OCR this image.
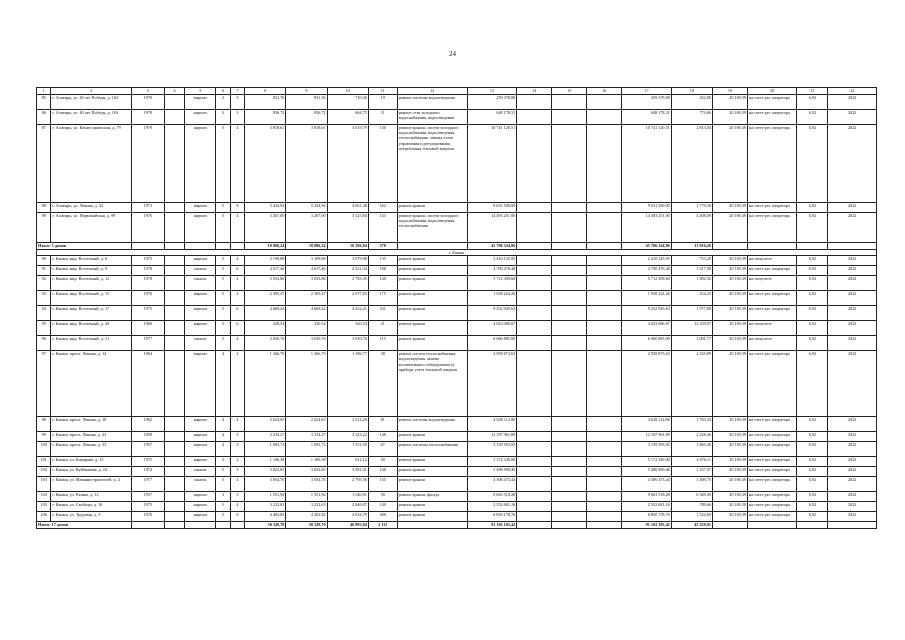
24
1	2	3	4	5	6	7	8	9	10	11	12	13	14	15	16	17	18	19	20	21	22
85	г. Алатырь, ул. 40 лет Победы, д. 102	1970		кирпич	2	3	831,76	831,36	710,36	19	ремонт системы водоотведения	259 378,88				259 378,88	432,80	20 169,39	на счете рег. оператора	6,92	2022
86	г. Алатырь, ул. 40 лет Победы, д. 104	1979		кирпич	2	3	836,72	836,72	664,75	11	ремонт сети холодного водоснабжения, водоотведения	648 178,31				648 178,31	774,66	20 169,39	на счете рег. оператора	6,92	2022
87	г. Алатырь, ул. Комиссариатская, д. 79	1979		кирпич	5	4	3 818,61	3 818,61	3 619,79	130	ремонт крыши, систем холодного водоснабжения, водоотведения, теплоснабжения, замена узлов управления и регулирования потребления тепловой энергии	10 741 120,51				10 741 120,51	2 813,04	20 169,39	на счете рег. оператора	6,92	2022
88	г. Алатырь, ул. Ленина, д. 42	1973		кирпич	5	8	5 434,94	5 434,94	4 661,48	162	ремонт крыши	9 631 500,00				9 631 500,00	1 770,30	20 169,39	на счете рег. оператора	6,92	2022
89	г. Алатырь, ул. Первомайская, д. 99	1976		кирпич	5	4	3 267,00	3 267,00	3 125,84	133	ремонт крыши, систем холодного водоснабжения, водоотведения, теплоснабжения	14 493 251,00				14 493 251,00	4 408,09	20 169,39	на счете рег. оператора	6,92	2022
Итого: 5 домов							18 086,24	18 086,24	16 396,84	578		45 706 344,86				45 706 344,86	13 916,26				
г. Канаш																					
90	г. Канаш, мкр. Восточный, д. 6	1975		кирпич	5	4	3 199,88	3 199,88	3 079,98	135	ремонт крыши	2 410 145,95				2 410 145,95	753,20	20 169,39	на спецсчете	6,92	2022
91	г. Канаш, мкр. Восточный, д. 9	1978		панель	5	6	4 617,46	4 617,46	4 231,34	188	ремонт крыши	4 700 476,48				4 700 476,48	1 017,98	20 169,39	на счете рег. оператора	6,92	2022
92	г. Канаш, мкр. Восточный, д. 12	1978		панель	5	4	3 033,86	3 033,86	2 783,39	140	ремонт крыши	5 712 309,60				5 712 309,60	1 882,92	20 169,39	на спецсчете	6,92	2022
93	г. Канаш, мкр. Восточный, д. 15	1976		кирпич	5	4	2 395,47	2 395,47	2 077,83	175	ремонт крыши	1 938 224,26				1 938 224,26	254,25	20 169,39	на счете рег. оператора	6,92	2022
94	г. Канаш, мкр. Восточный, д. 17	1975		кирпич	5	6	4 669,24	4 669,24	4 432,21	231	ремонт крыши	9 252 945,63				9 252 945,63	1 977,80	20 169,39	на счете рег. оператора	6,92	2022
95	г. Канаш, мкр. Восточный, д. 20	1960		кирпич	5	6	320,54	320,54	320,54	21	ремонт крыши	4 023 086,87				4 023 086,87	12 550,97	20 169,39	на спецсчете	6,92	2022
96	г. Канаш, мкр. Восточный, д. 21	1977		панель	5	4	3 030,76	3 030,76	3 030,76	115	ремонт крыши	6 066 885,00				6 066 885,00	2 001,77	20 169,39	на спецсчете	6,92	2022
97	г. Канаш, просп. Ленина, д. 14	1964		кирпич	4	2	1 266,70	1 266,70	1 186,77	38	ремонт систем теплоснабжения, водоотведения, замена коллективного (общедомового) прибора учета тепловой энергии	2 958 873,63				2 958 873,63	2 335,89	20 169,39	на счете рег. оператора	6,92	2022
98	г. Канаш, просп. Ленина, д. 18	1962		кирпич	4	4	2 624,65	2 624,65	2 514,29	81	ремонт системы водоотведения	4 628 112,86				4 628 112,86	1 763,33	20 169,39	на счете рег. оператора	6,92	2022
99	г. Канаш, просп. Ленина, д. 23	1958		кирпич	4	3	3 234,27	3 234,27	3 143,22	148	ремонт крыши	12 187 961,89				12 187 961,89	2 228,46	20 169,39	на счете рег. оператора	6,92	2022
100	г. Канаш, просп. Ленина, д. 33	1957		кирпич	4	3	1 693,73	1 693,73	1 551,05	67	ремонт системы теплоснабжения	3 159 593,95				3 159 593,95	1 865,46	20 169,39	на счете рег. оператора	6,92	2022
101	г. Канаш, ул. Комарова, д. 15	1975		кирпич	3	2	1 106,38	1 106,38	912,12	50	ремонт крыши	5 172 349,00				5 172 349,00	4 676,11	20 169,39	на счете рег. оператора	6,92	2022
102	г. Канаш, ул. Куйбышева, д. 24	1974		панель	5	3	3 822,85	3 822,85	3 581,01	148	ремонт крыши	5 496 900,46				5 496 900,46	1 437,97	20 169,39	на счете рег. оператора	6,92	2022
103	г. Канаш, ул. Машиностроителей, д. 4	1977		панель	5	4	3 054,76	3 054,76	2 795,56	135	ремонт крыши	4 306 473,44				4 306 473,44	1 409,75	20 169,39	на счете рег. оператора	6,92	2022
104	г. Канаш, ул. Разина, д. 12	1957		кирпич	3	3	1 551,94	1 551,94	1 540,91	58	ремонт крыши, фасада	9 663 518,28				9 663 518,28	6 349,49	20 169,39	на счете рег. оператора	6,92	2022
105	г. Канаш, ул. Свободы, д. 10	1975		кирпич	5	4	3 232,63	3 232,63	2 846,07	149	ремонт крыши	2 552 681,16				2 552 681,16	789,66	20 169,39	на счете рег. оператора	6,92	2022
106	г. Канаш, ул. Трудовая, д. 5	1976		кирпич	5	6	4 492,82	4 492,82	4 034,79	200	ремонт крыши	6 850 178,76				6 850 178,76	1 524,69	20 169,39	на счете рег. оператора	6,92	2022
Итого: 17 домов							50 328,79	50 328,79	46 893,84	2 115		91 102 105,42				91 102 105,42	45 258,91				
